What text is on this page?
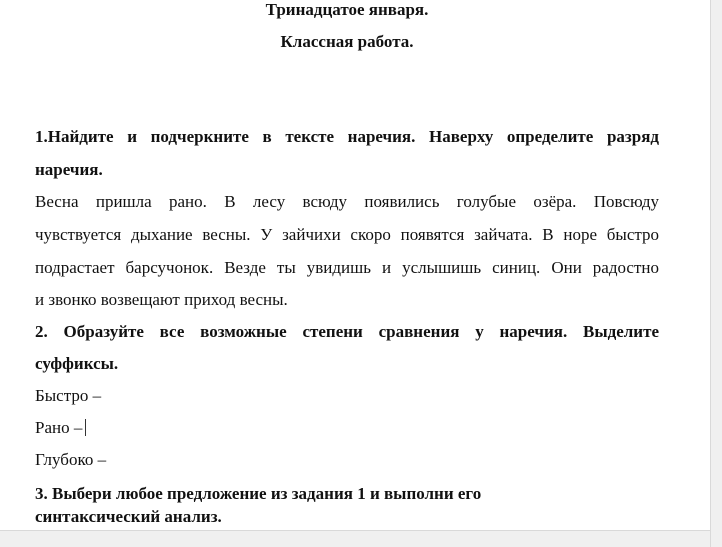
Тринадцатое января.
Классная работа.
1.Найдите и подчеркните в тексте наречия. Наверху определите разряд
наречия.
Весна пришла рано. В лесу всюду появились голубые озёра. Повсюду
чувствуется дыхание весны. У зайчихи скоро появятся зайчата. В норе быстро
подрастает барсучонок. Везде ты увидишь и услышишь синиц. Они радостно
и звонко возвещают приход весны.
2. Образуйте все возможные степени сравнения у наречия. Выделите
суффиксы.
Быстро –
Рано –
Глубоко –
3. Выбери любое предложение из задания 1 и выполни его
синтаксический анализ.
